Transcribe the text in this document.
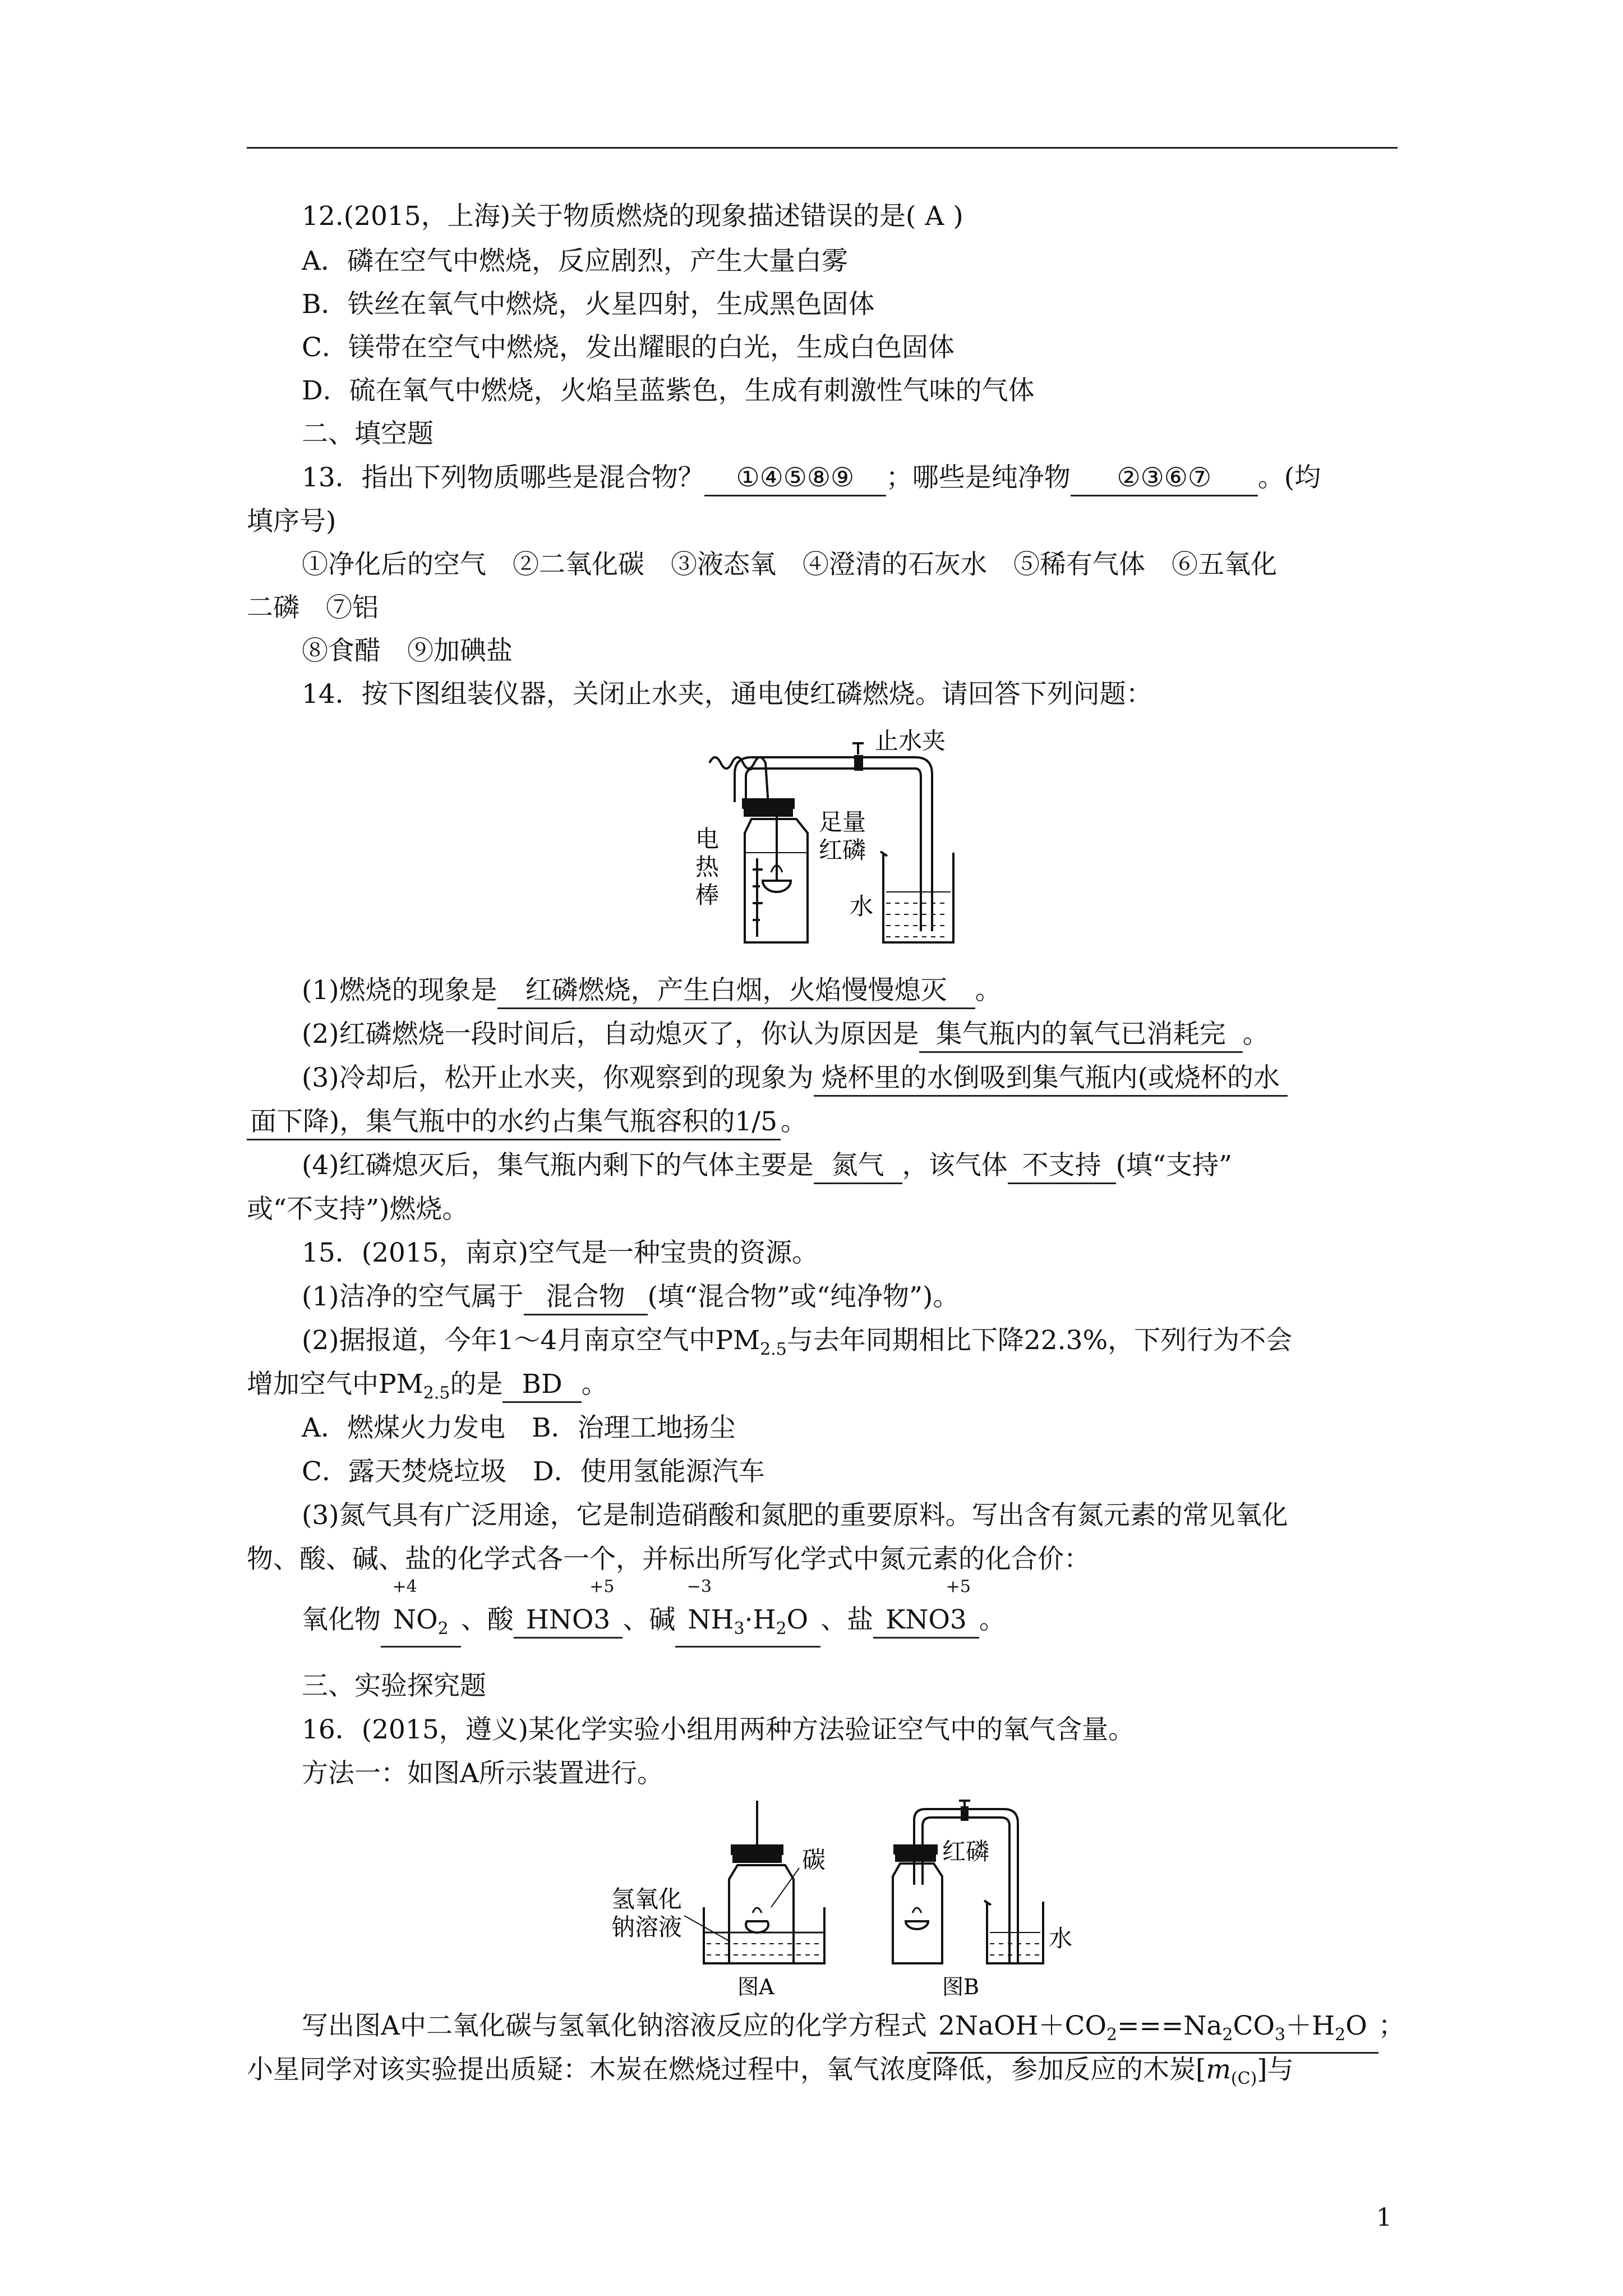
12.(2015，上海)关于物质燃烧的现象描述错误的是( A )
A．磷在空气中燃烧，反应剧烈，产生大量白雾
B．铁丝在氧气中燃烧，火星四射，生成黑色固体
C．镁带在空气中燃烧，发出耀眼的白光，生成白色固体
D．硫在氧气中燃烧，火焰呈蓝紫色，生成有刺激性气味的气体
二、填空题
13．指出下列物质哪些是混合物？ ①④⑤⑧⑨ ；哪些是纯净物 ②③⑥⑦ 。(均
填序号)
①净化后的空气　②二氧化碳　③液态氧　④澄清的石灰水　⑤稀有气体　⑥五氧化
二磷　⑦铝
⑧食醋　⑨加碘盐
14．按下图组装仪器，关闭止水夹，通电使红磷燃烧。请回答下列问题：
止水夹
足量
红磷
电
热
棒	水
(1)燃烧的现象是 红磷燃烧，产生白烟，火焰慢慢熄灭 。
(2)红磷燃烧一段时间后，自动熄灭了，你认为原因是 集气瓶内的氧气已消耗完 。
(3)冷却后，松开止水夹，你观察到的现象为 烧杯里的水倒吸到集气瓶内(或烧杯的水
面下降)，集气瓶中的水约占集气瓶容积的1/5 。
(4)红磷熄灭后，集气瓶内剩下的气体主要是 氮气 ，该气体 不支持 (填“支持”
或“不支持”)燃烧。
15．(2015，南京)空气是一种宝贵的资源。
(1)洁净的空气属于 混合物 (填“混合物”或“纯净物”)。
(2)据报道，今年1～4月南京空气中$PM_{2.5}$与去年同期相比下降22.3%，下列行为不会
增加空气中$PM_{2.5}$的是 BD 。
A．燃煤火力发电　B．治理工地扬尘
C．露天焚烧垃圾　D．使用氢能源汽车
(3)氮气具有广泛用途，它是制造硝酸和氮肥的重要原料。写出含有氮元素的常见氧化
物、酸、碱、盐的化学式各一个，并标出所写化学式中氮元素的化合价：
氧化物
+4
$NO_2$ 、酸 HNO
+5
3 、碱
−3
$NH_3\cdot H_2O$ 、盐 KNO
+5
3 。
三、实验探究题
16．(2015，遵义)某化学实验小组用两种方法验证空气中的氧气含量。
方法一：如图A所示装置进行。
氢氧化
钠溶液
碳
图A
红磷
水
图B
写出图A中二氧化碳与氢氧化钠溶液反应的化学方程式 $2NaOH+CO_2===Na_2CO_3+H_2O$ ；
小星同学对该实验提出质疑：木炭在燃烧过程中，氧气浓度降低，参加反应的木炭$[m_{(C)}]$与
1
